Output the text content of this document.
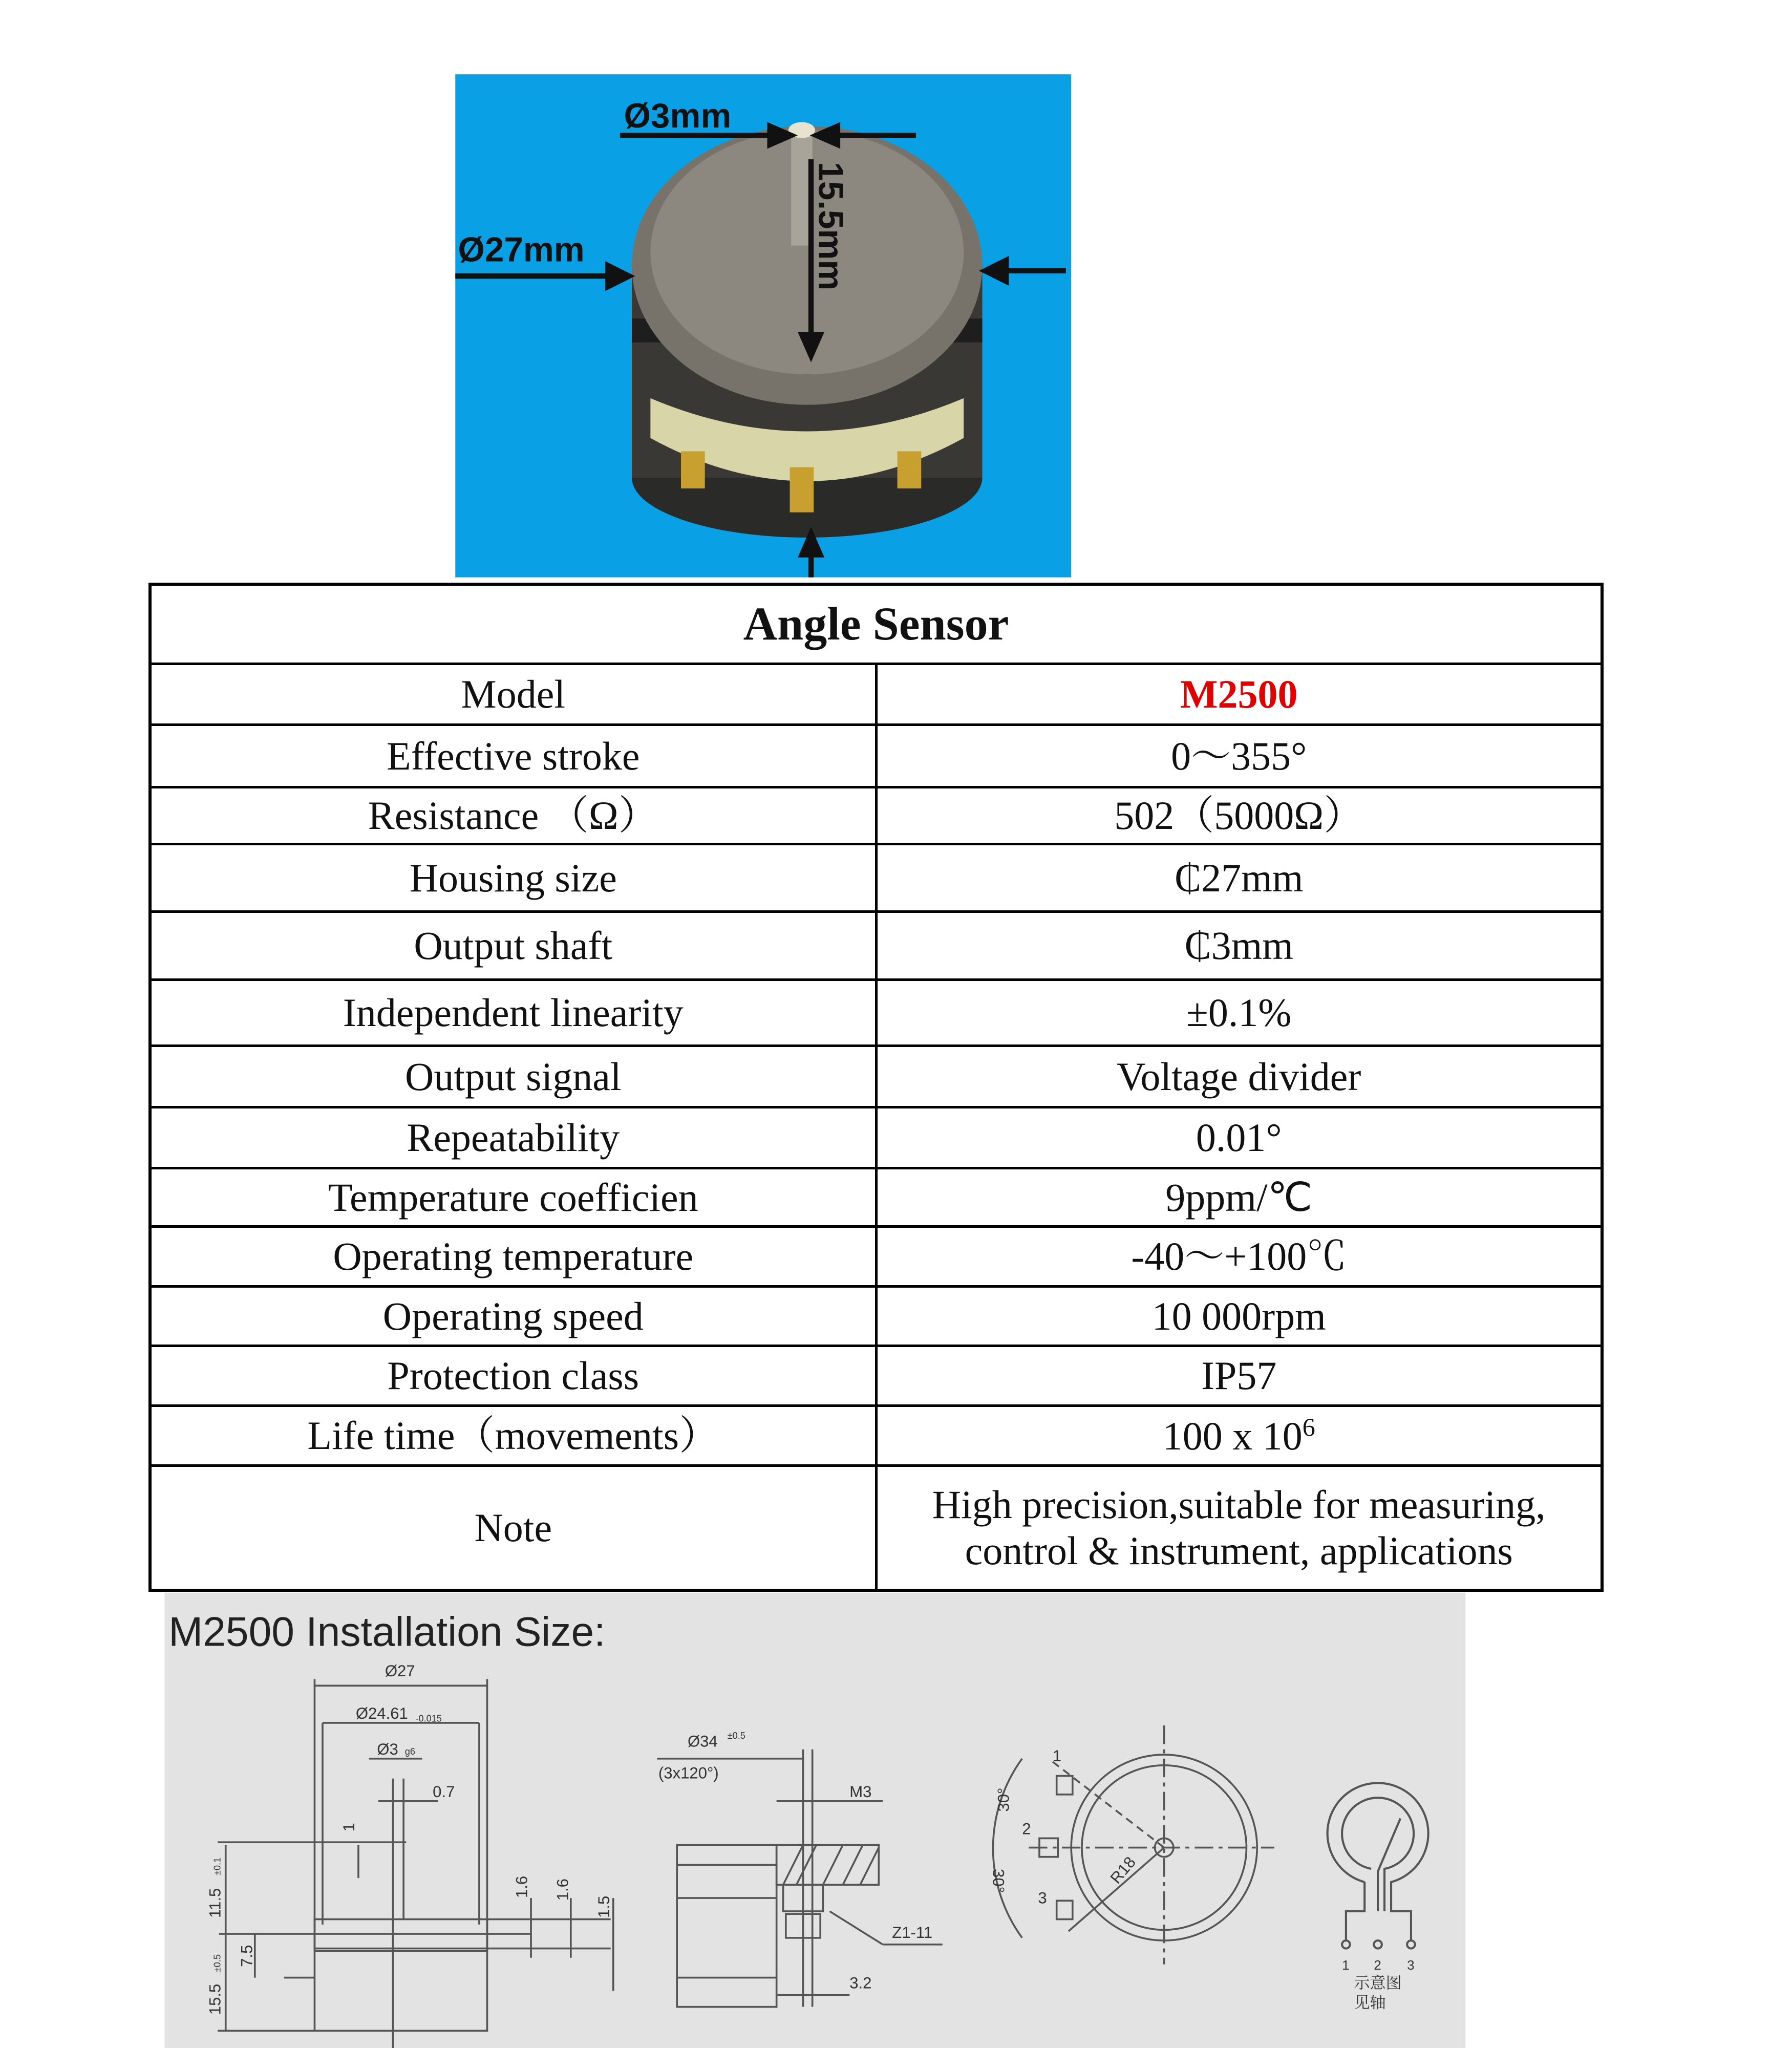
Ø3mm
Ø27mm	15.5mm
M2500 Installation Size:
Ø27
Ø24.61 -0.015
Ø3 g6
0.7
1
11.5
±0.1
15.5
±0.5	7.5
1.6	1.6
1.5
Ø34	±0.5
(3x120°)
M3
Z1-11
3.2
1
2
3
30°
30°	R18
1	2	3
示意图
见轴
Angle Sensor	
Model	M2500
Effective stroke	0～355°
Resistance （Ω）	502（5000Ω）
Housing size	₵27mm
Output shaft	₵3mm
Independent linearity	±0.1%
Output signal	Voltage divider
Repeatability	0.01°
Temperature coefficien	9ppm/℃
Operating temperature	-40～+100℃
Operating speed	10 000rpm
Protection class	IP57
Life time（movements）	100 x $10^6$
Note	High precision,suitable for measuring,
control & instrument, applications
